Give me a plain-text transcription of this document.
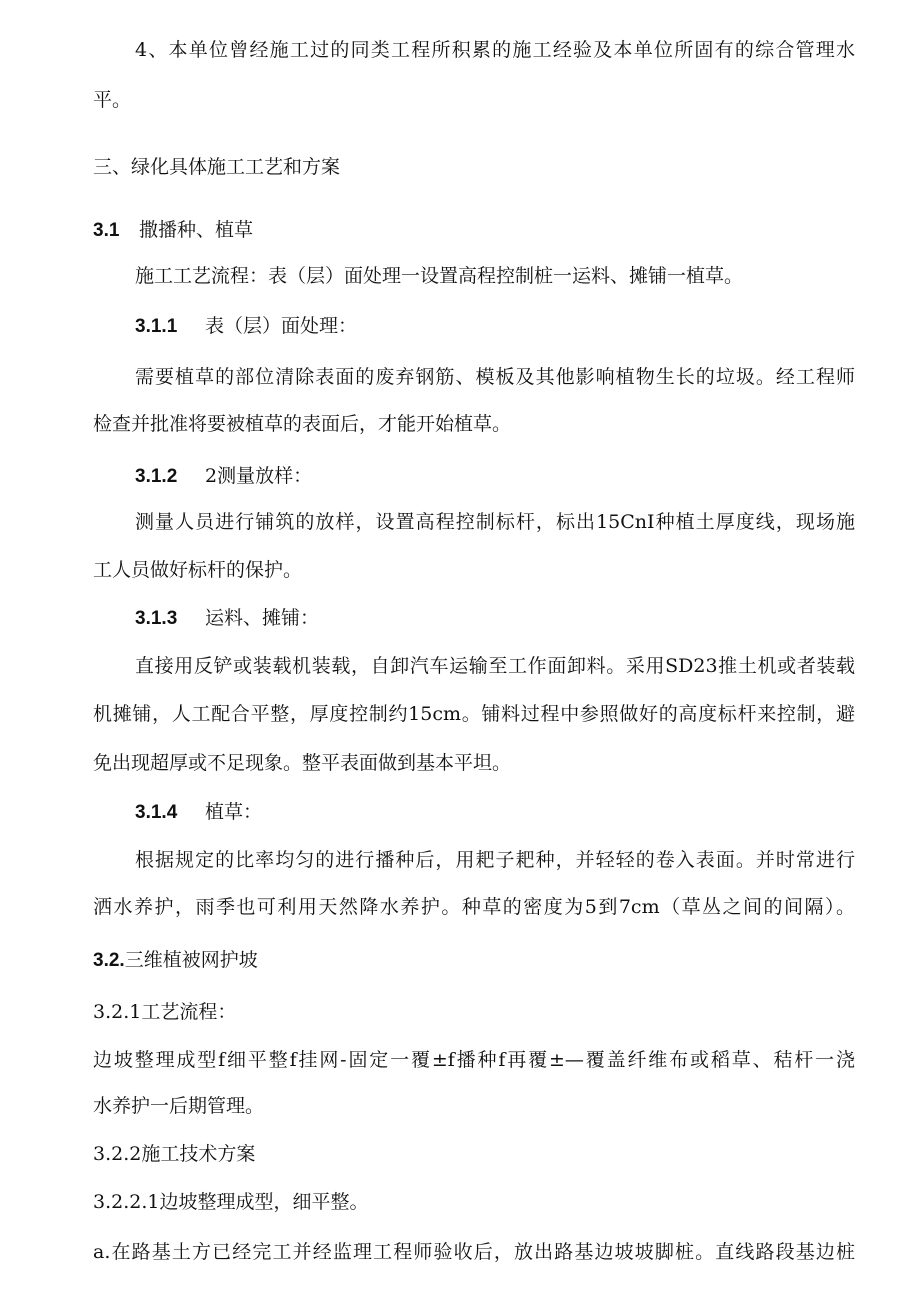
4、本单位曾经施工过的同类工程所积累的施工经验及本单位所固有的综合管理水
平。
三、绿化具体施工工艺和方案
3.1 撒播种、植草
施工工艺流程：表（层）面处理一设置高程控制桩一运料、摊铺一植草。
3.1.1 表（层）面处理：
需要植草的部位清除表面的废弃钢筋、模板及其他影响植物生长的垃圾。经工程师
检查并批准将要被植草的表面后，才能开始植草。
3.1.2 2测量放样：
测量人员进行铺筑的放样，设置高程控制标杆，标出15CnI种植土厚度线，现场施
工人员做好标杆的保护。
3.1.3 运料、摊铺：
直接用反铲或装载机装载，自卸汽车运输至工作面卸料。采用SD23推土机或者装载
机摊铺，人工配合平整，厚度控制约15cm。铺料过程中参照做好的高度标杆来控制，避
免出现超厚或不足现象。整平表面做到基本平坦。
3.1.4 植草：
根据规定的比率均匀的进行播种后，用耙子耙种，并轻轻的卷入表面。并时常进行
洒水养护，雨季也可利用天然降水养护。种草的密度为5到7cm（草丛之间的间隔）。
3.2.三维植被网护坡
3.2.1工艺流程：
边坡整理成型f细平整f挂网-固定一覆±f播种f再覆±—覆盖纤维布或稻草、秸杆一浇
水养护一后期管理。
3.2.2施工技术方案
3.2.2.1边坡整理成型，细平整。
a.在路基土方已经完工并经监理工程师验收后，放出路基边坡坡脚桩。直线路段基边桩
